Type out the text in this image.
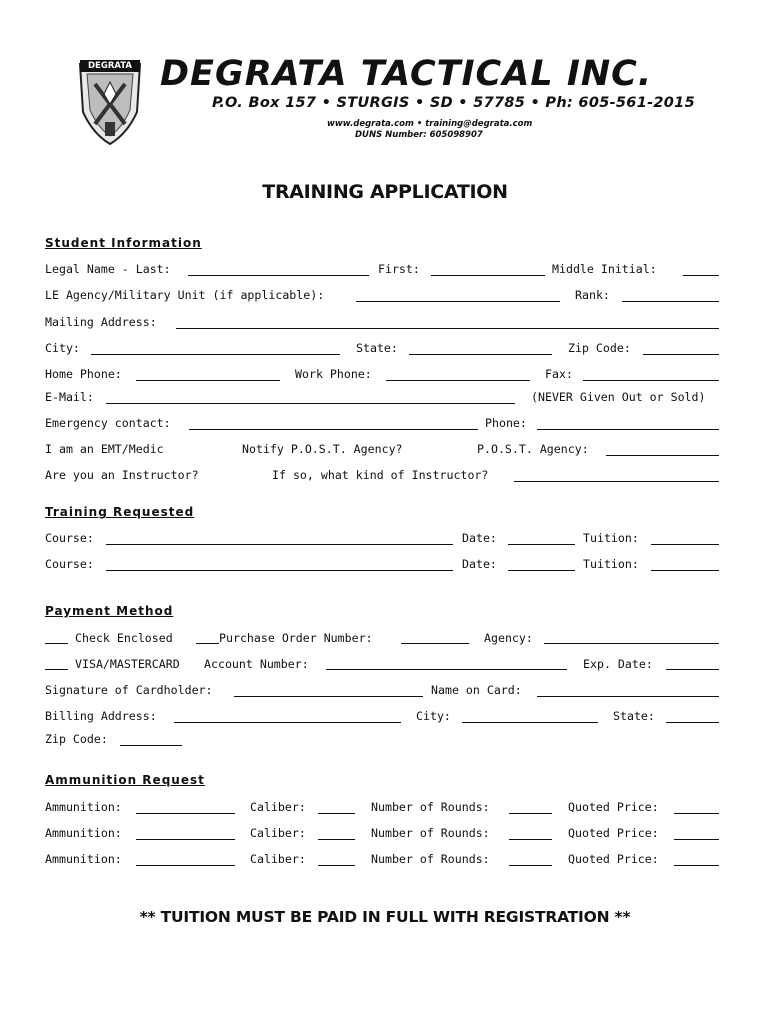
DEGRATA DEGRATA TACTICAL INC.
P.O. Box 157 • STURGIS • SD • 57785 • Ph: 605-561-2015
www.degrata.com • training@degrata.com
DUNS Number: 605098907
TRAINING APPLICATION
Student Information
Legal Name - Last:	First:	Middle Initial:
LE Agency/Military Unit (if applicable):	Rank:
Mailing Address:
City:	State:	Zip Code:
Home Phone:	Work Phone:	Fax:
E-Mail:	(NEVER Given Out or Sold)
Emergency contact:	Phone:
I am an EMT/Medic	Notify P.O.S.T. Agency?	P.O.S.T. Agency:
Are you an Instructor?	If so, what kind of Instructor?
Training Requested
Course:	Date:	Tuition:
Course:	Date:	Tuition:
Payment Method
Check Enclosed	Purchase Order Number:	Agency:
VISA/MASTERCARD Account Number:	Exp. Date:
Signature of Cardholder:	Name on Card:
Billing Address:	City:	State:
Zip Code:
Ammunition Request
Ammunition:	Caliber:	Number of Rounds:	Quoted Price:
Ammunition:	Caliber:	Number of Rounds:	Quoted Price:
Ammunition:	Caliber:	Number of Rounds:	Quoted Price:
** TUITION MUST BE PAID IN FULL WITH REGISTRATION **
